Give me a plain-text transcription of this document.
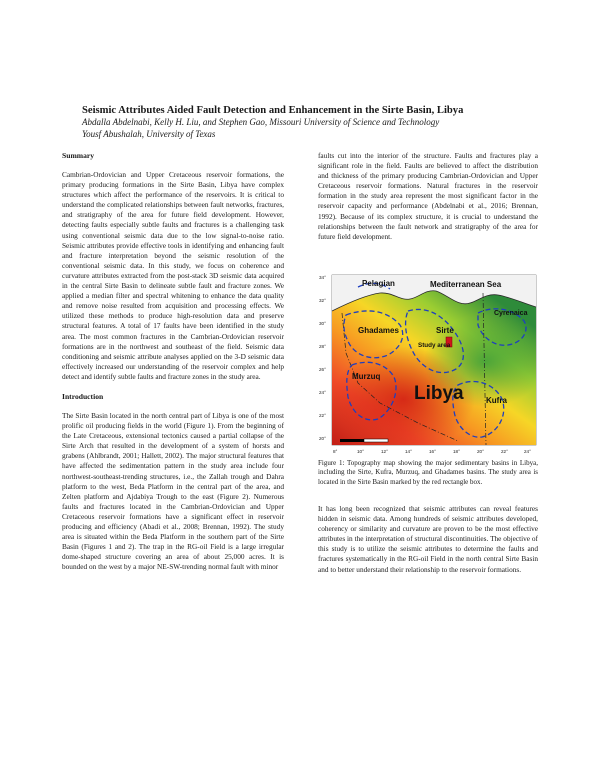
Seismic Attributes Aided Fault Detection and Enhancement in the Sirte Basin, Libya
Abdalla Abdelnabi, Kelly H. Liu, and Stephen Gao, Missouri University of Science and Technology
Yousf Abushalah, University of Texas
Summary

Cambrian-Ordovician and Upper Cretaceous reservoir formations, the primary producing formations in the Sirte Basin, Libya have complex structures which affect the performance of the reservoirs. It is critical to understand the complicated relationships between fault networks, fractures, and stratigraphy of the area for future field development. However, detecting faults especially subtle faults and fractures is a challenging task using conventional seismic data due to the low signal-to-noise ratio. Seismic attributes provide effective tools in identifying and enhancing fault and fracture interpretation beyond the seismic resolution of the conventional seismic data. In this study, we focus on coherence and curvature attributes extracted from the post-stack 3D seismic data acquired in the central Sirte Basin to delineate subtle fault and fracture zones. We applied a median filter and spectral whitening to enhance the data quality and remove noise resulted from acquisition and processing effects. We utilized these methods to produce high-resolution data and preserve structural features. A total of 17 faults have been identified in the study area. The most common fractures in the Cambrian-Ordovician reservoir formations are in the northwest and southeast of the field. Seismic data conditioning and seismic attribute analyses applied on the 3-D seismic data effectively increased our understanding of the reservoir complex and help detect and identify subtle faults and fracture zones in the study area.

Introduction

The Sirte Basin located in the north central part of Libya is one of the most prolific oil producing fields in the world (Figure 1). From the beginning of the Late Cretaceous, extensional tectonics caused a partial collapse of the Sirte Arch that resulted in the development of a system of horsts and grabens (Ahlbrandt, 2001; Hallett, 2002). The major structural features that have affected the sedimentation pattern in the study area include four northwest-southeast-trending structures, i.e., the Zallah trough and Dahra platform to the west, Beda Platform in the central part of the area, and Zelten platform and Ajdabiya Trough to the east (Figure 2). Numerous faults and fractures located in the Cambrian-Ordovician and Upper Cretaceous reservoir formations have a significant effect in reservoir producing and efficiency (Abadi et al., 2008; Brennan, 1992). The study area is situated within the Beda Platform in the southern part of the Sirte Basin (Figures 1 and 2). The trap in the RG-oil Field is a large irregular dome-shaped structure covering an area of about 25,000 acres. It is bounded on the west by a major NE-SW-trending normal fault with minor

faults cut into the interior of the structure. Faults and fractures play a significant role in the field. Faults are believed to affect the distribution and thickness of the primary producing Cambrian-Ordovician and Upper Cretaceous reservoir formations. Natural fractures in the reservoir formation in the study area represent the most significant factor in the reservoir capacity and performance (Abdelnabi et al., 2016; Brennan, 1992). Because of its complex structure, it is crucial to understand the relationships between the fault network and stratigraphy of the area for future field development.

Pelagian	Mediterranean Sea
Cyrenaica
Ghadames	Sirte
Study area
Murzuq
Libya	Kufra
34°
32°
30°
28°
26°
24°
22°
20°
8°	10°	12°	14°	16°	18°	20°	22°	24°
Figure 1: Topography map showing the major sedimentary basins in Libya, including the Sirte, Kufra, Murzuq, and Ghadames basins. The study area is located in the Sirte Basin marked by the red rectangle box.

It has long been recognized that seismic attributes can reveal features hidden in seismic data. Among hundreds of seismic attributes developed, coherency or similarity and curvature are proven to be the most effective attributes in the interpretation of structural discontinuities. The objective of this study is to utilize the seismic attributes to determine the faults and fractures systematically in the RG-oil Field in the north central Sirte Basin and to better understand their relationship to the reservoir formations.
